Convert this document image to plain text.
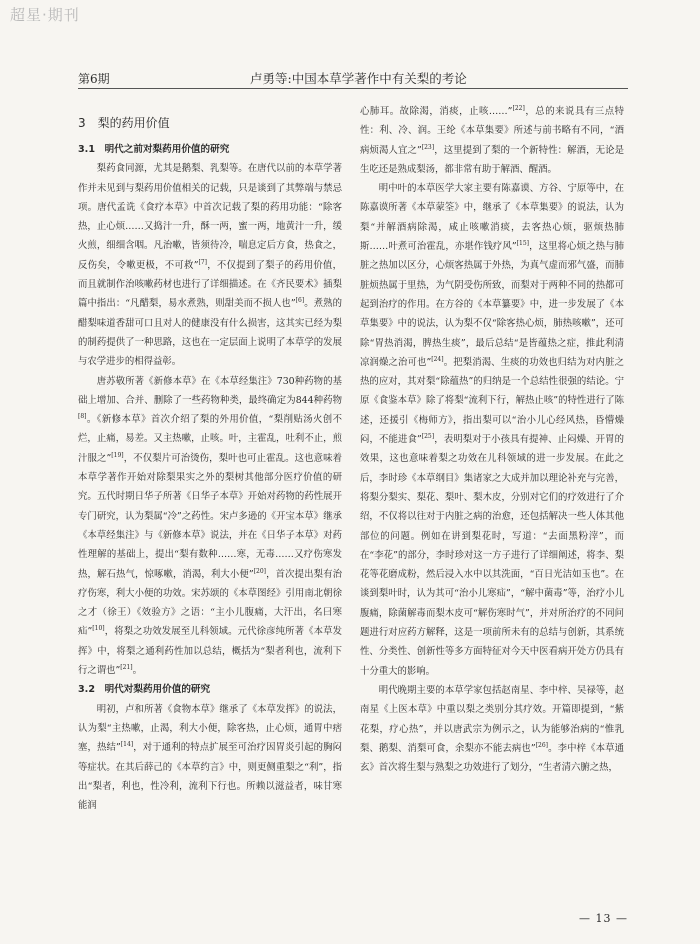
超星·期刊
第6期	卢勇等:中国本草学著作中有关梨的考论
3　梨的药用价值
3.1　明代之前对梨药用价值的研究

梨药食同源，尤其是鹅梨、乳梨等。在唐代以前的本草学著作并未见到与梨药用价值相关的记载，只是谈到了其弊端与禁忌项。唐代孟诜《食疗本草》中首次记载了梨的药用功能：“除客热，止心烦……又捣汁一升，酥一两，蜜一两，地黄汁一升，缓火煎，细细含咽。凡治嗽，皆须待冷，喘息定后方食，热食之，反伤矣，令嗽更极，不可救”[7]，不仅提到了梨子的药用价值，而且就制作治咳嗽药材也进行了详细描述。在《齐民要术》插梨篇中指出：“凡醋梨，易水煮熟，则甜美而不损人也”[6]。煮熟的醋梨味道香甜可口且对人的健康没有什么损害，这其实已经为梨的制药提供了一种思路，这也在一定层面上说明了本草学的发展与农学进步的相得益彰。

唐苏敬所著《新修本草》在《本草经集注》730种药物的基础上增加、合并、删除了一些药物种类，最终确定为844种药物[8]。《新修本草》首次介绍了梨的外用价值，“梨削贴汤火创不烂，止痛，易差。又主热嗽，止咳。叶，主霍乱，吐利不止，煎汁服之”[19]，不仅梨片可治烫伤，梨叶也可止霍乱。这也意味着本草学著作开始对除梨果实之外的梨树其他部分医疗价值的研究。五代时期日华子所著《日华子本草》开始对药物的药性展开专门研究，认为梨属“冷”之药性。宋卢多逊的《开宝本草》继承《本草经集注》与《新修本草》说法，并在《日华子本草》对药性理解的基础上，提出“梨有数种……寒，无毒……又疗伤寒发热，解石热气，惊啄嗽，消渴，利大小便”[20]，首次提出梨有治疗伤寒，利大小便的功效。宋苏颂的《本草图经》引用南北朝徐之才（徐王）《效验方》之语：“主小儿腹痛，大汗出，名曰寒疝”[10]，将梨之功效发展至儿科领域。元代徐彦纯所著《本草发挥》中，将梨之通利药性加以总结，概括为“梨者利也，流利下行之谓也”[21]。

3.2　明代对梨药用价值的研究

明初，卢和所著《食物本草》继承了《本草发挥》的说法，认为梨“主热嗽，止渴，利大小便，除客热，止心烦，通胃中痞塞，热结”[14]，对于通利的特点扩展至可治疗因胃炎引起的胸闷等症状。在其后薛己的《本草约言》中，则更侧重梨之“利”，指出“梨者，利也，性冷利，流利下行也。所赖以滋益者，味甘寒能润

心肺耳。故除渴，消痰，止咳……”[22]，总的来说具有三点特性：利、冷、润。王纶《本草集要》所述与前书略有不同，“酒病烦渴人宜之”[23]，这里提到了梨的一个新特性：解酒，无论是生吃还是熟成梨汤，都非常有助于解酒、醒酒。

明中叶的本草医学大家主要有陈嘉谟、方谷、宁原等中，在陈嘉谟所著《本草蒙筌》中，继承了《本草集要》的说法，认为梨“并解酒病除渴，咸止咳嗽消痰，去客热心烦，驱烦热肺斯……叶煮可治霍乱，亦堪作钱疗风”[15]，这里将心烦之热与肺脏之热加以区分，心烦客热属于外热，为真气虚而邪气盛，而肺脏烦热属于里热，为气阴受伤所致，而梨对于两种不同的热都可起到治疗的作用。在方谷的《本草纂要》中，进一步发展了《本草集要》中的说法，认为梨不仅“除客热心烦，肺热咳嗽”，还可除“胃热消渴，脾热生痰”，最后总结“是皆蕴热之症，推此利清凉润燥之治可也”[24]。把梨消渴、生痰的功效也归结为对内脏之热的应对，其对梨“除蕴热”的归纳是一个总结性很强的结论。宁原《食鉴本草》除了将梨“流利下行，解热止咳”的特性进行了陈述，还援引《梅师方》，指出梨可以“治小儿心经风热，昏懵燥闷，不能进食”[25]，表明梨对于小孩具有提神、止闷燥、开胃的效果，这也意味着梨之功效在儿科领域的进一步发展。在此之后，李时珍《本草纲目》集诸家之大成并加以理论补充与完善，将梨分梨实、梨花、梨叶、梨木皮，分别对它们的疗效进行了介绍，不仅将以往对于内脏之病的治愈，还包括解决一些人体其他部位的问题。例如在讲到梨花时，写道：“去面黑粉滓”，而在“李花”的部分，李时珍对这一方子进行了详细阐述，将李、梨花等花磨成粉，然后浸入水中以其洗面，“百日光洁如玉也”。在谈到梨叶时，认为其可“治小儿寒疝”，“解中菌毒”等，治疗小儿腹痛，除菌解毒而梨木皮可“解伤寒时气”，并对所治疗的不同问题进行对应药方解释，这是一项前所未有的总结与创新，其系统性、分类性、创新性等多方面特征对今天中医看病开处方仍具有十分重大的影响。

明代晚期主要的本草学家包括赵南星、李中梓、吴禄等，赵南星《上医本草》中重以梨之类别分其疗效。开篇即提到，“紫花梨，疗心热”，并以唐武宗为例示之，认为能够治病的“惟乳梨、鹅梨、消梨可食，余梨亦不能去病也”[26]。李中梓《本草通玄》首次将生梨与熟梨之功效进行了划分，“生者清六腑之热，

— 13 —
